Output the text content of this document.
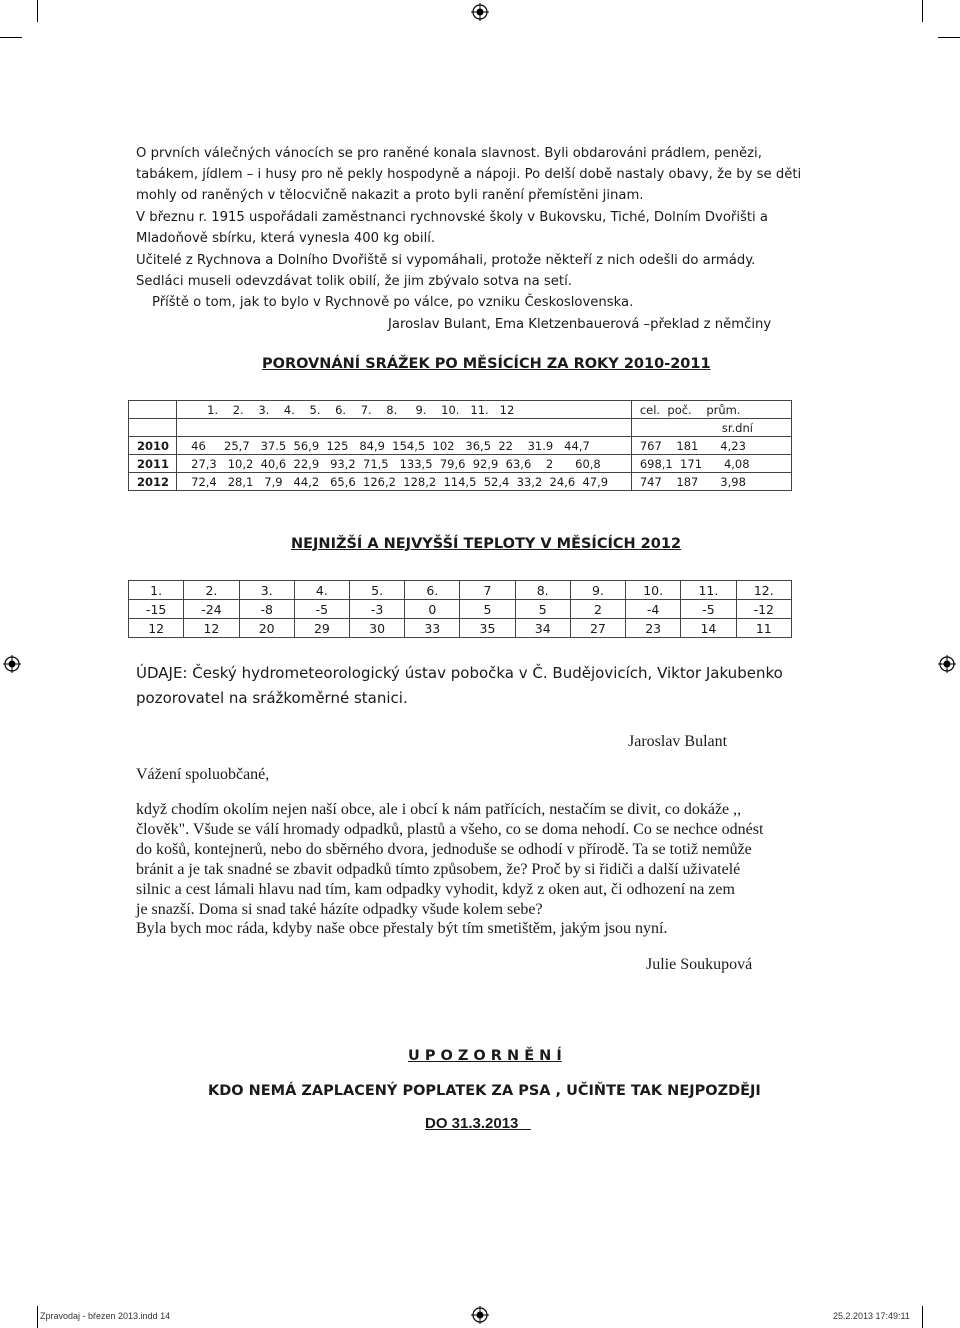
O prvních válečných vánocích se pro raněné konala slavnost. Byli obdarováni prádlem, penězi,
tabákem, jídlem – i husy pro ně pekly hospodyně a nápoji. Po delší době nastaly obavy, že by se děti
mohly od raněných v tělocvičně nakazit a proto byli ranění přemístěni jinam.
V březnu r. 1915 uspořádali zaměstnanci rychnovské školy v Bukovsku, Tiché, Dolním Dvořišti a
Mladoňově sbírku, která vynesla 400 kg obilí.
Učitelé z Rychnova a Dolního Dvořiště si vypomáhali, protože někteří z nich odešli do armády.
Sedláci museli odevzdávat tolik obilí, že jim zbývalo sotva na setí.
Příště o tom, jak to bylo v Rychnově po válce, po vzniku Československa.
Jaroslav Bulant, Ema Kletzenbauerová –překlad z němčiny
POROVNÁNÍ SRÁŽEK PO MĚSÍCÍCH ZA ROKY 2010-2011
	1.    2.    3.    4.    5.    6.    7.    8.     9.    10.   11.   12	cel.  poč.    prům.
		sr.dní
2010	46     25,7   37.5  56,9  125   84,9  154,5  102   36,5  22    31.9   44,7	767    181      4,23
2011	27,3   10,2  40,6  22,9   93,2  71,5   133,5  79,6  92,9  63,6    2      60,8	698,1  171      4,08
2012	72,4   28,1   7,9   44,2   65,6  126,2  128,2  114,5  52,4  33,2  24,6  47,9	747    187      3,98
NEJNIŽŠÍ A NEJVYŠŠÍ TEPLOTY V MĚSÍCÍCH 2012
1.	2.	3.	4.	5.	6.	7	8.	9.	10.	11.	12.
-15	-24	-8	-5	-3	0	5	5	2	-4	-5	-12
12	12	20	29	30	33	35	34	27	23	14	11
ÚDAJE: Český hydrometeorologický ústav pobočka v Č. Budějovicích, Viktor Jakubenko
pozorovatel na srážkoměrné stanici.
Jaroslav Bulant
Vážení spoluobčané,
když chodím okolím nejen naší obce, ale i obcí k nám patřících, nestačím se divit, co dokáže ,,
člověk". Všude se válí hromady odpadků, plastů a všeho, co se doma nehodí. Co se nechce odnést
do košů, kontejnerů, nebo do sběrného dvora, jednoduše se odhodí v přírodě. Ta se totiž nemůže
bránit a je tak snadné se zbavit odpadků tímto způsobem, že? Proč by si řidiči a další uživatelé
silnic a cest lámali hlavu nad tím, kam odpadky vyhodit, když z oken aut, či odhození na zem
je snazší. Doma si snad také házíte odpadky všude kolem sebe?
Byla bych moc ráda, kdyby naše obce přestaly být tím smetištěm, jakým jsou nyní.
Julie Soukupová
U P O Z O R N Ě N Í
KDO NEMÁ ZAPLACENÝ POPLATEK ZA PSA , UČIŇTE TAK NEJPOZDĚJI
DO 31.3.2013
Zpravodaj - březen 2013.indd 14	25.2.2013 17:49:11
